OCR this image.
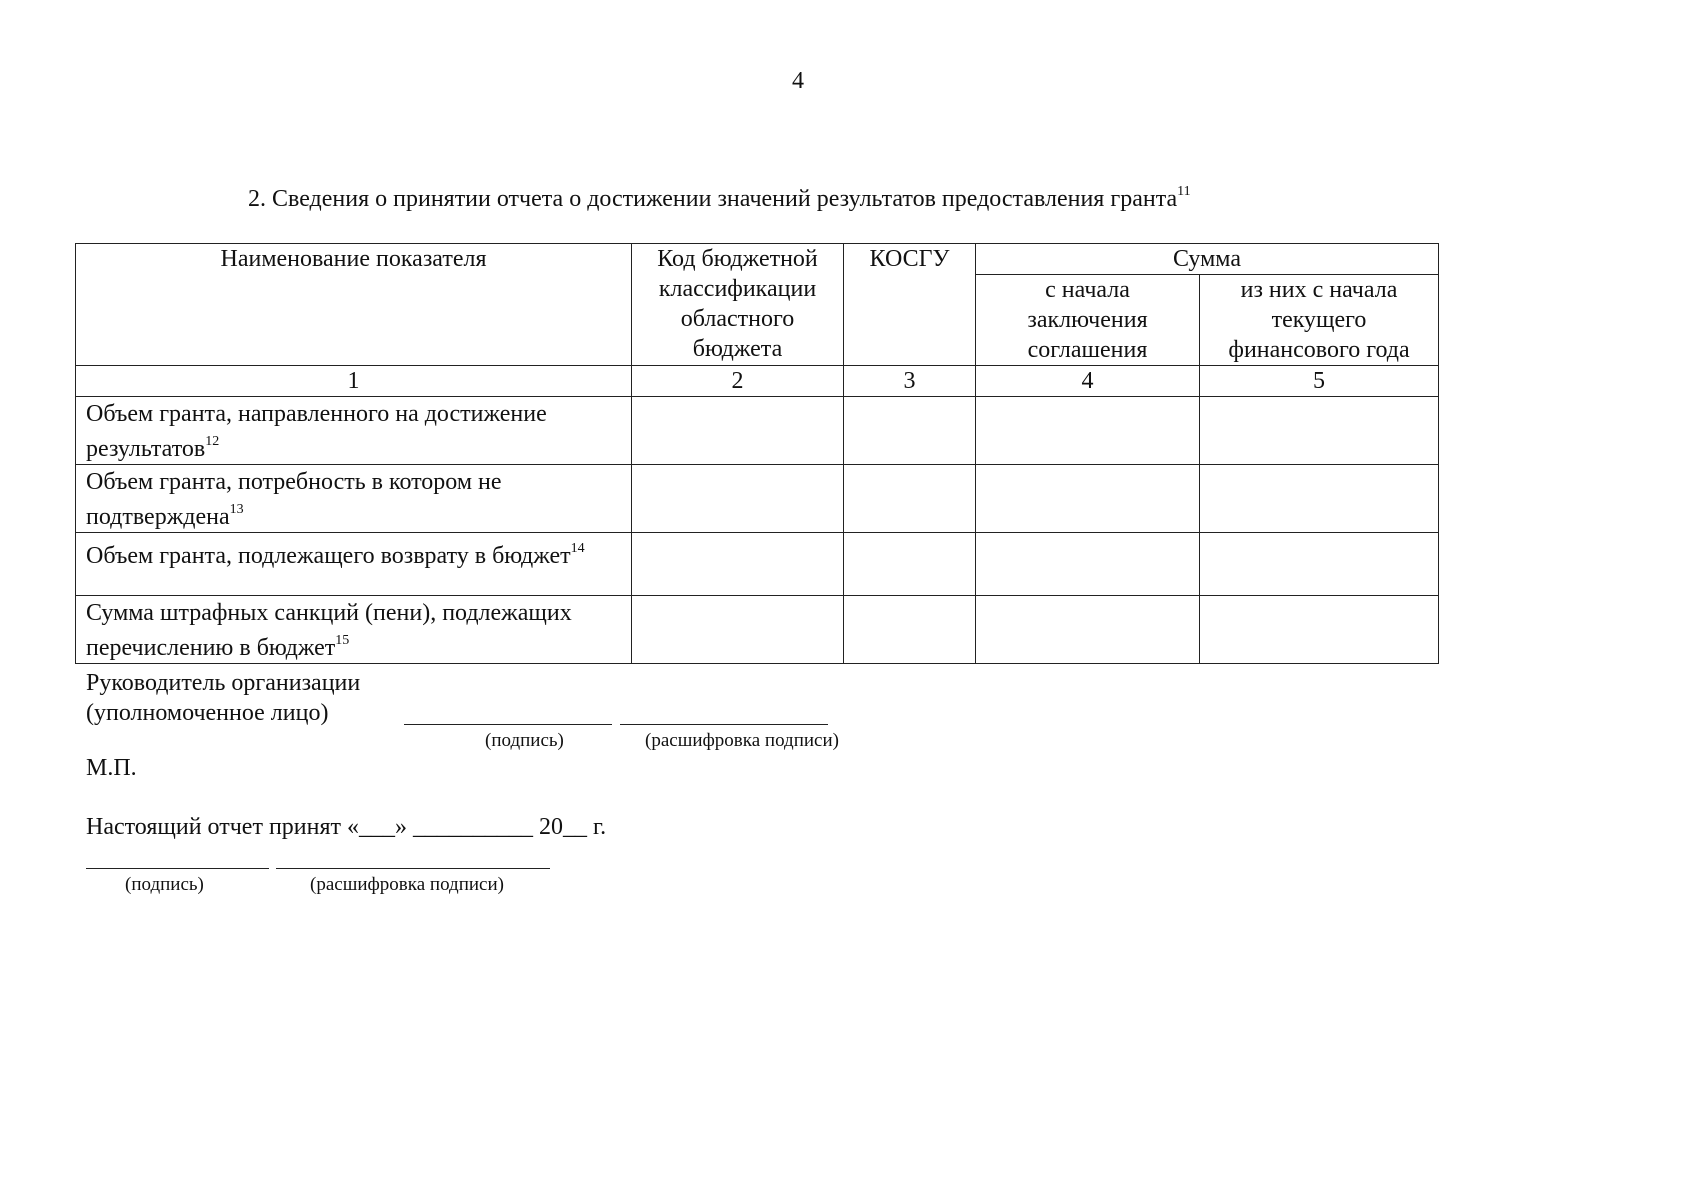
4
2. Сведения о принятии отчета о достижении значений результатов предоставления гранта$^{11}$
Наименование показателя	Код бюджетной классификации областного бюджета	КОСГУ	Сумма	
			с начала заключения соглашения	из них с начала текущего финансового года
1	2	3	4	5
Объем гранта, направленного на достижение результатов$^{12}$				
Объем гранта, потребность в котором не подтверждена$^{13}$				
Объем гранта, подлежащего возврату в бюджет$^{14}$				
Сумма штрафных санкций (пени), подлежащих перечислению в бюджет$^{15}$				
Руководитель организации
(уполномоченное лицо)
(подпись)	(расшифровка подписи)
М.П.
Настоящий отчет принят «___» __________ 20__ г.
(подпись)	(расшифровка подписи)
